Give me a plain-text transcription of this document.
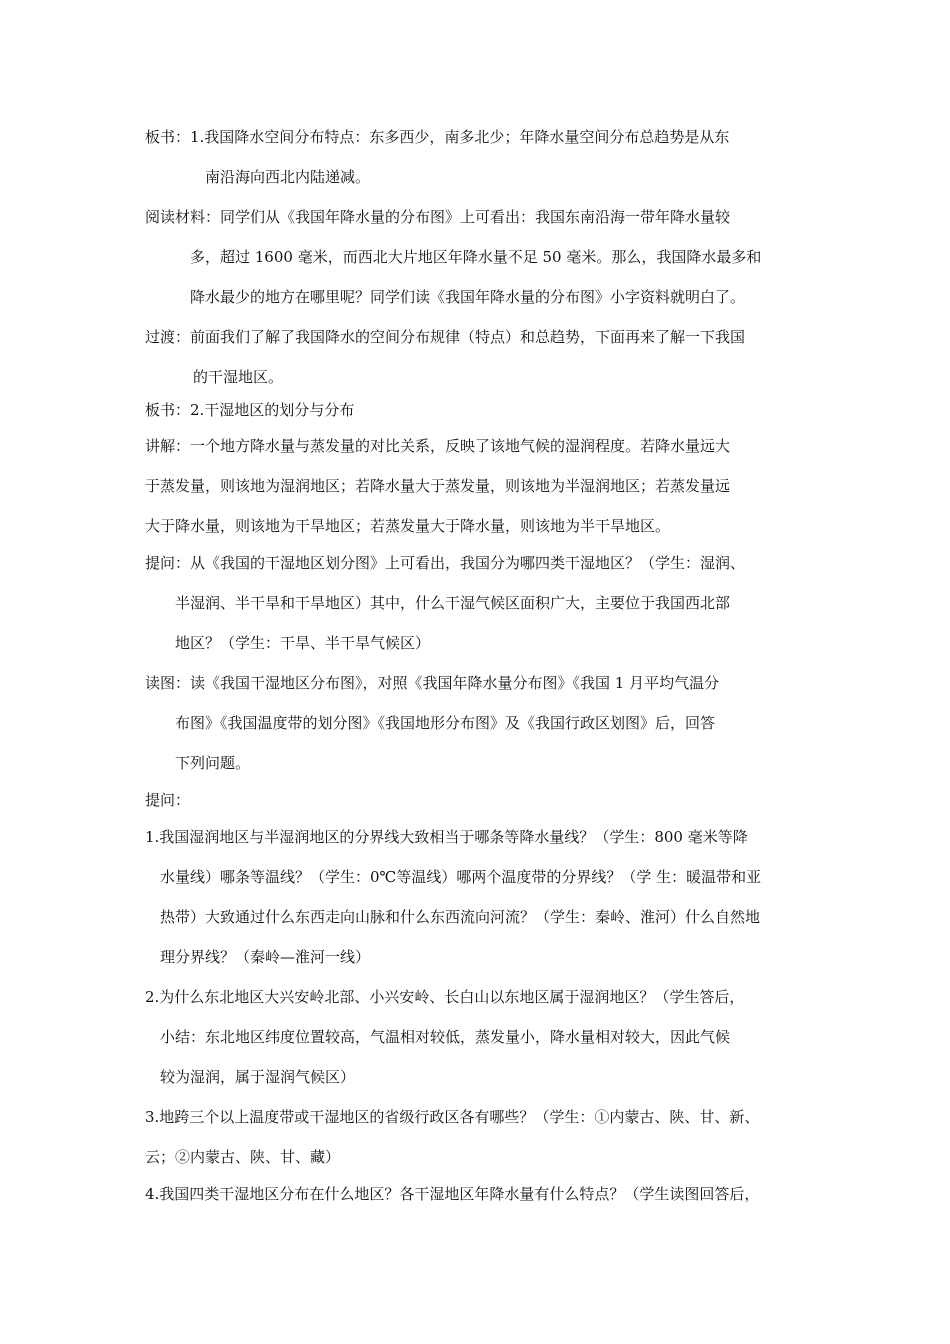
板书：1.我国降水空间分布特点：东多西少，南多北少；年降水量空间分布总趋势是从东
南沿海向西北内陆递减。
阅读材料：同学们从《我国年降水量的分布图》上可看出：我国东南沿海一带年降水量较
多，超过 1600 毫米，而西北大片地区年降水量不足 50 毫米。那么，我国降水最多和
降水最少的地方在哪里呢？同学们读《我国年降水量的分布图》小字资料就明白了。
过渡：前面我们了解了我国降水的空间分布规律（特点）和总趋势，下面再来了解一下我国
的干湿地区。
板书：2.干湿地区的划分与分布
讲解：一个地方降水量与蒸发量的对比关系，反映了该地气候的湿润程度。若降水量远大
于蒸发量，则该地为湿润地区；若降水量大于蒸发量，则该地为半湿润地区；若蒸发量远
大于降水量，则该地为干旱地区；若蒸发量大于降水量，则该地为半干旱地区。
提问：从《我国的干湿地区划分图》上可看出，我国分为哪四类干湿地区？（学生：湿润、
半湿润、半干旱和干旱地区）其中，什么干湿气候区面积广大，主要位于我国西北部
地区？（学生：干旱、半干旱气候区）
读图：读《我国干湿地区分布图》，对照《我国年降水量分布图》《我国 1 月平均气温分
布图》《我国温度带的划分图》《我国地形分布图》及《我国行政区划图》后，回答
下列问题。
提问：
1.我国湿润地区与半湿润地区的分界线大致相当于哪条等降水量线？（学生：800 毫米等降
水量线）哪条等温线？（学生：0℃等温线）哪两个温度带的分界线？（学 生：暖温带和亚
热带）大致通过什么东西走向山脉和什么东西流向河流？（学生：秦岭、淮河）什么自然地
理分界线？（秦岭—淮河一线）
2.为什么东北地区大兴安岭北部、小兴安岭、长白山以东地区属于湿润地区？（学生答后，
小结：东北地区纬度位置较高，气温相对较低，蒸发量小，降水量相对较大，因此气候
较为湿润，属于湿润气候区）
3.地跨三个以上温度带或干湿地区的省级行政区各有哪些？（学生：①内蒙古、陕、甘、新、
云；②内蒙古、陕、甘、藏）
4.我国四类干湿地区分布在什么地区？各干湿地区年降水量有什么特点？（学生读图回答后，
